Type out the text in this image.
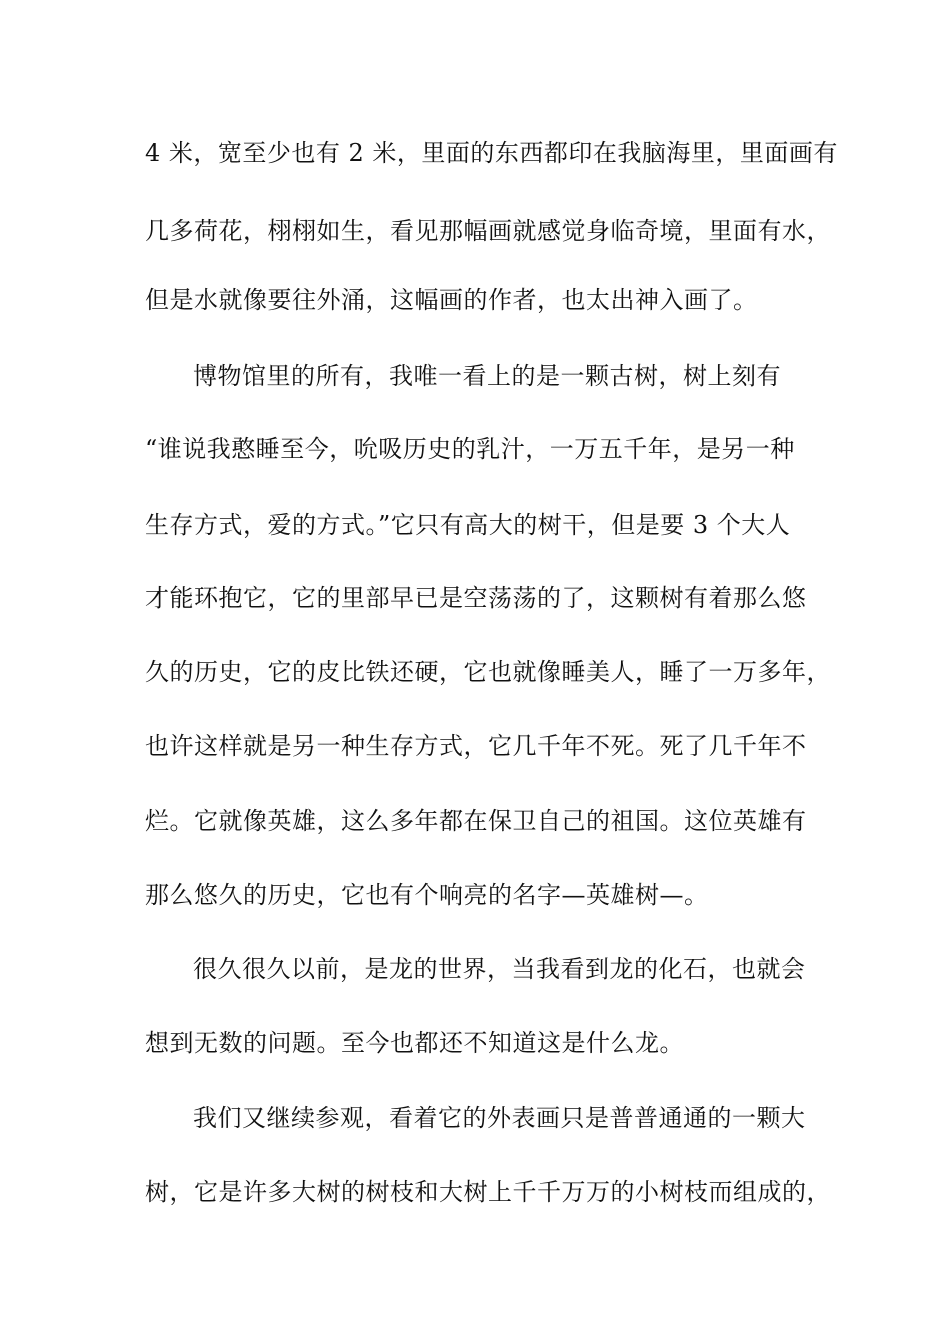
4 米，宽至少也有 2 米，里面的东西都印在我脑海里，里面画有
几多荷花，栩栩如生，看见那幅画就感觉身临奇境，里面有水，
但是水就像要往外涌，这幅画的作者，也太出神入画了。
博物馆里的所有，我唯一看上的是一颗古树，树上刻有
“谁说我憨睡至今，吮吸历史的乳汁，一万五千年，是另一种
生存方式，爱的方式。”它只有高大的树干，但是要 3 个大人
才能环抱它，它的里部早已是空荡荡的了，这颗树有着那么悠
久的历史，它的皮比铁还硬，它也就像睡美人，睡了一万多年，
也许这样就是另一种生存方式，它几千年不死。死了几千年不
烂。它就像英雄，这么多年都在保卫自己的祖国。这位英雄有
那么悠久的历史，它也有个响亮的名字—英雄树—。
很久很久以前，是龙的世界，当我看到龙的化石，也就会
想到无数的问题。至今也都还不知道这是什么龙。
我们又继续参观，看着它的外表画只是普普通通的一颗大
树，它是许多大树的树枝和大树上千千万万的小树枝而组成的，
